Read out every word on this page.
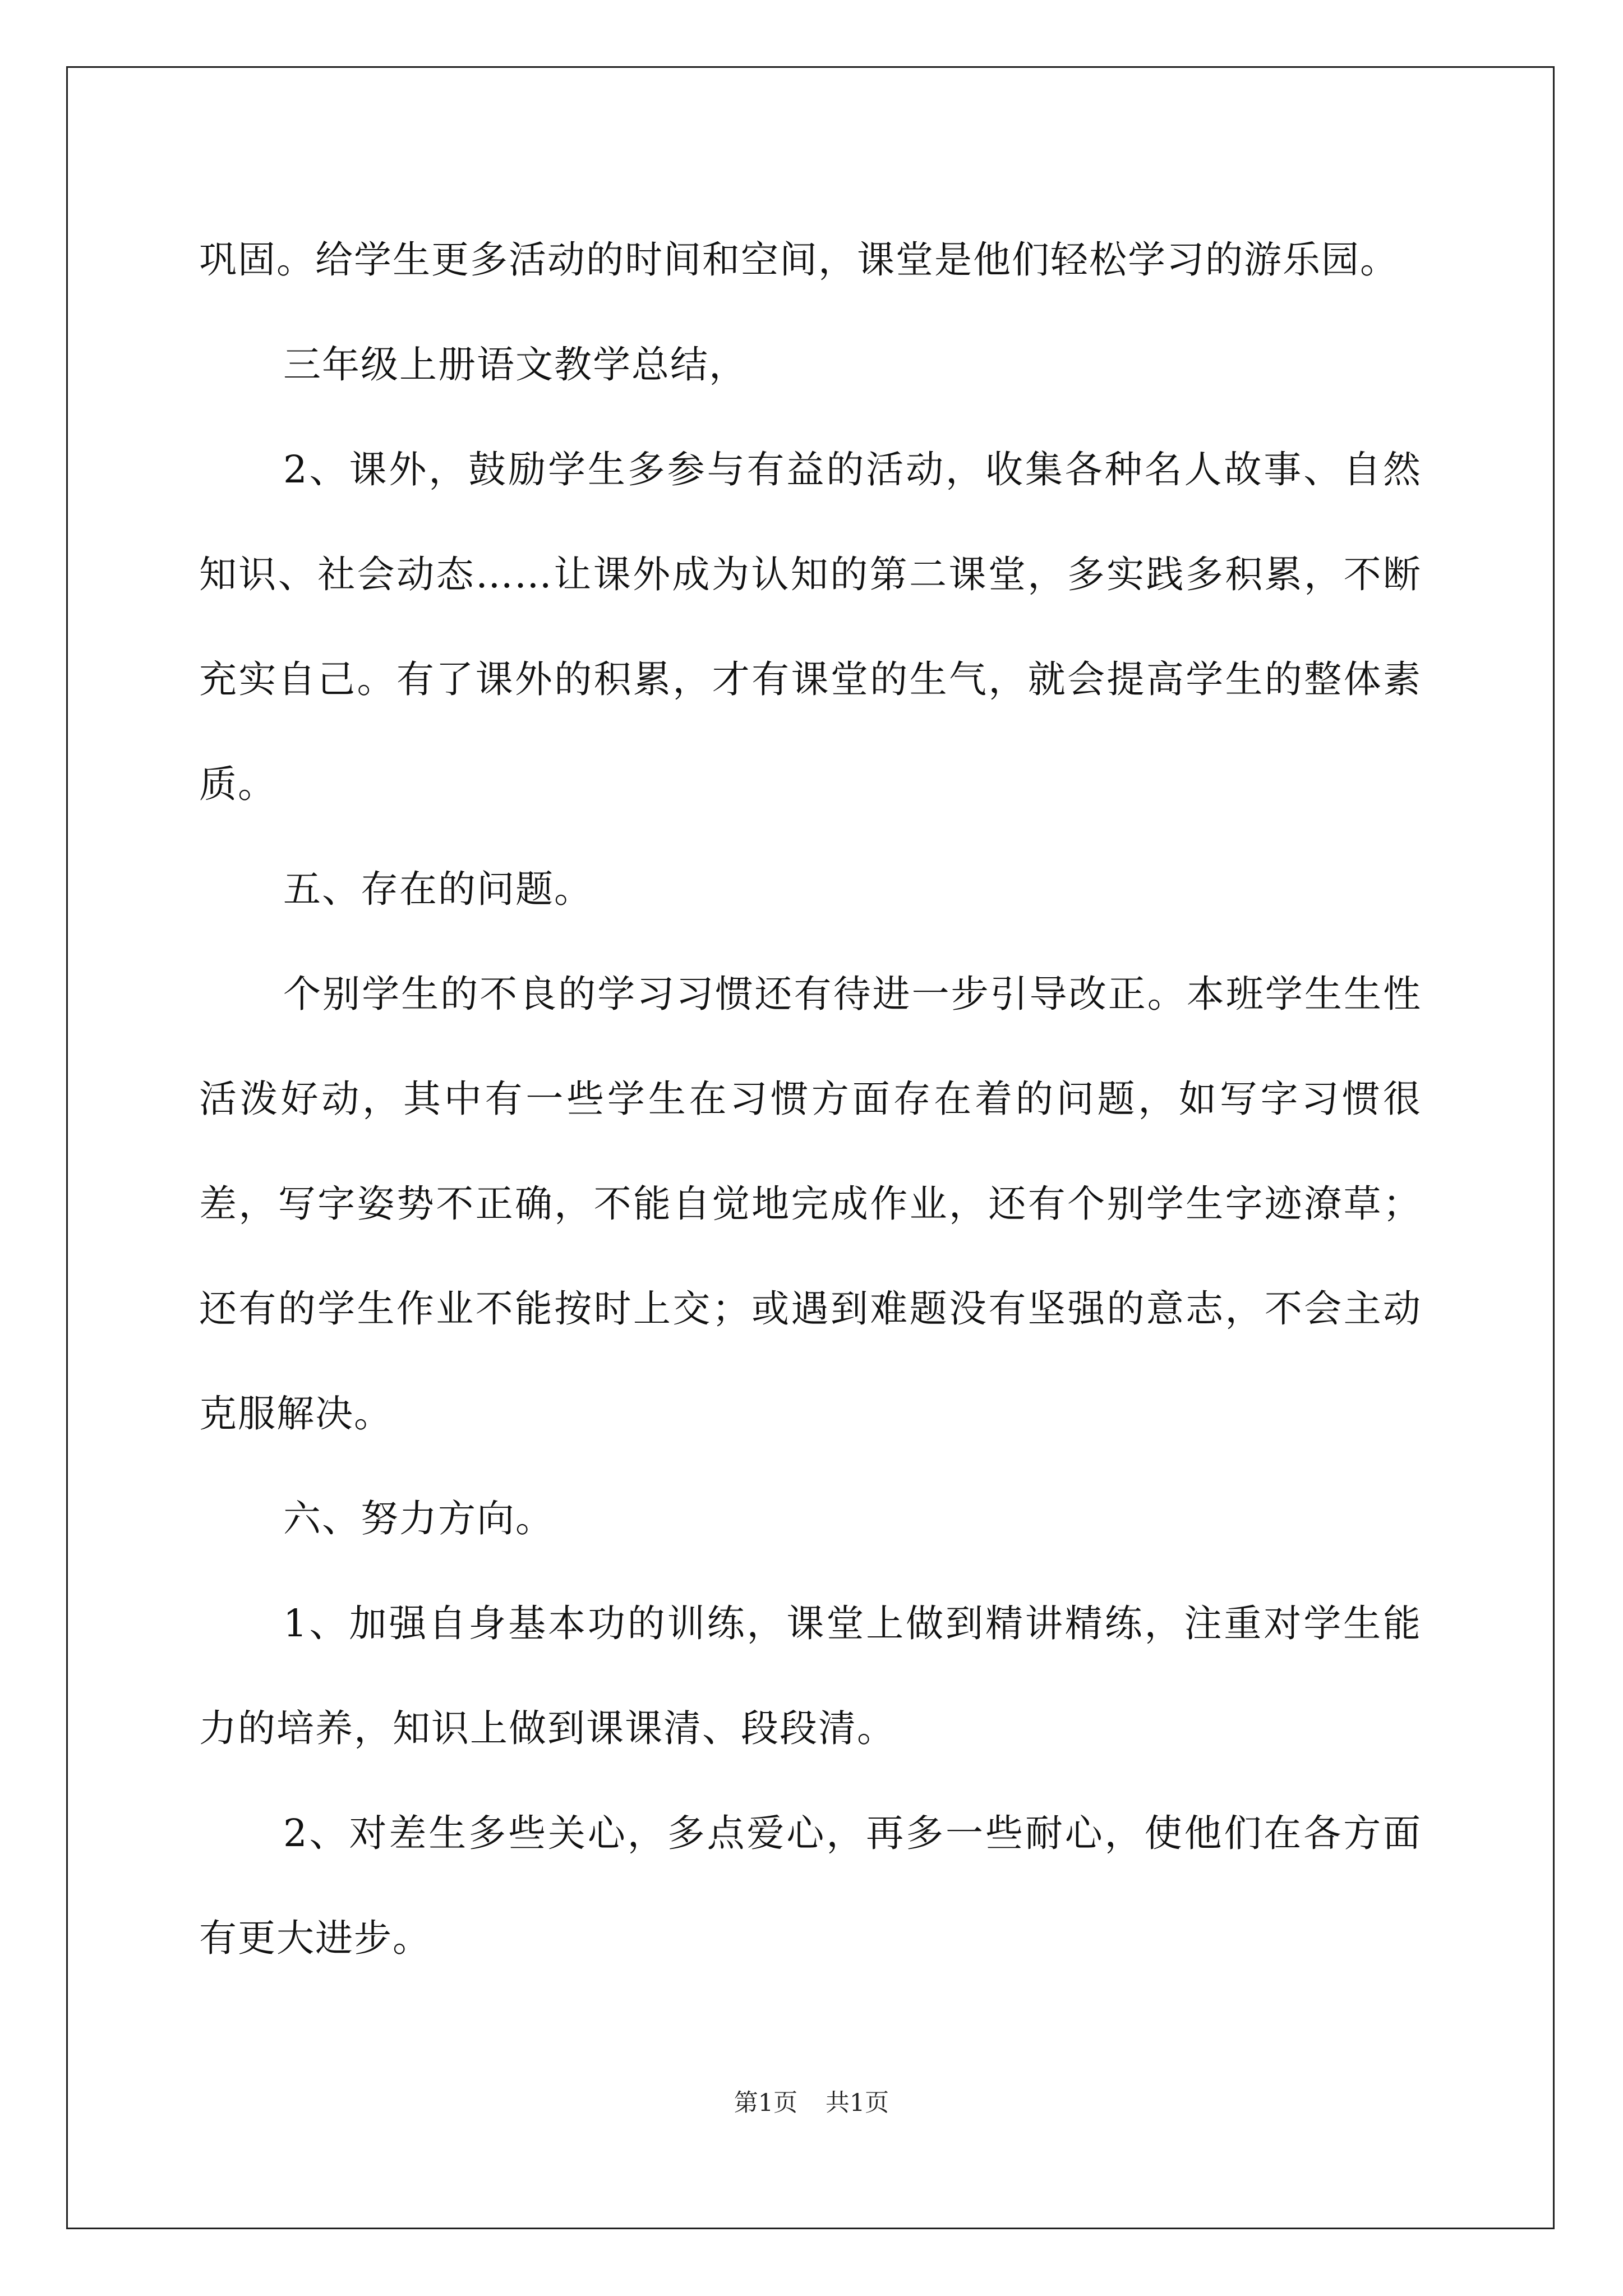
巩固。给学生更多活动的时间和空间，课堂是他们轻松学习的游乐园。

三年级上册语文教学总结，

2、课外，鼓励学生多参与有益的活动，收集各种名人故事、自然知识、社会动态……让课外成为认知的第二课堂，多实践多积累，不断充实自己。有了课外的积累，才有课堂的生气，就会提高学生的整体素质。

五、存在的问题。

个别学生的不良的学习习惯还有待进一步引导改正。本班学生生性活泼好动，其中有一些学生在习惯方面存在着的问题，如写字习惯很差，写字姿势不正确，不能自觉地完成作业，还有个别学生字迹潦草；还有的学生作业不能按时上交；或遇到难题没有坚强的意志，不会主动克服解决。

六、努力方向。

1、加强自身基本功的训练，课堂上做到精讲精练，注重对学生能力的培养，知识上做到课课清、段段清。

2、对差生多些关心，多点爱心，再多一些耐心，使他们在各方面有更大进步。

第1页 共1页
